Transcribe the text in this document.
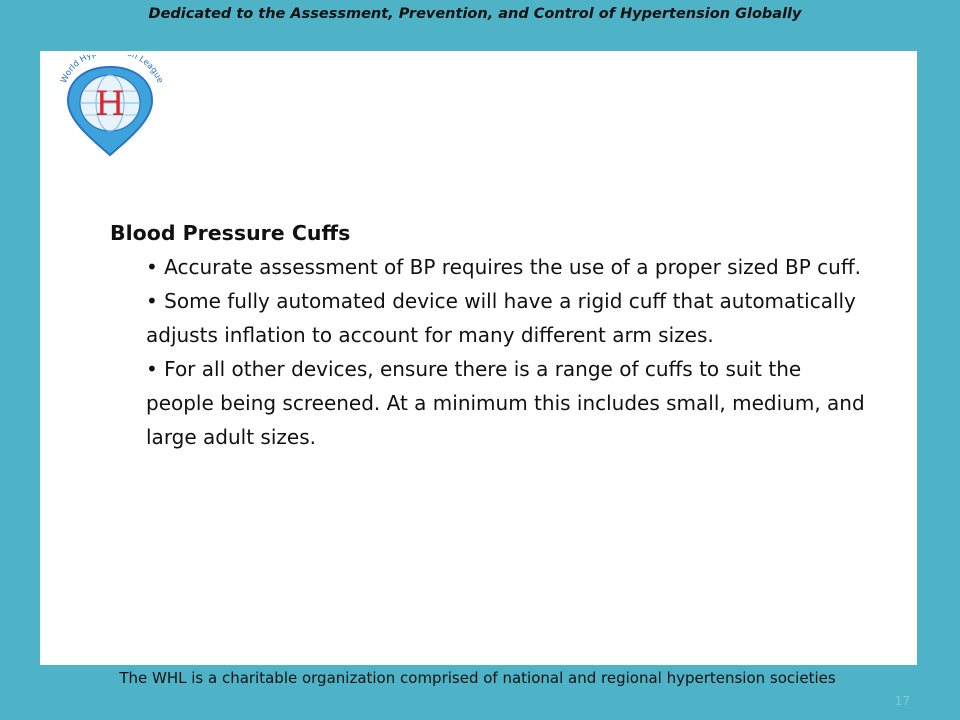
Dedicated to the Assessment, Prevention, and Control of Hypertension Globally
H
World Hy n League
Blood Pressure Cuffs
• Accurate assessment of BP requires the use of a proper sized BP cuff.
• Some fully automated device will have a rigid cuff that automatically adjusts inflation to account for many different arm sizes.
• For all other devices, ensure there is a range of cuffs to suit the people being screened. At a minimum this includes small, medium, and large adult sizes.
The WHL is a charitable organization comprised of national and regional hypertension societies
17
